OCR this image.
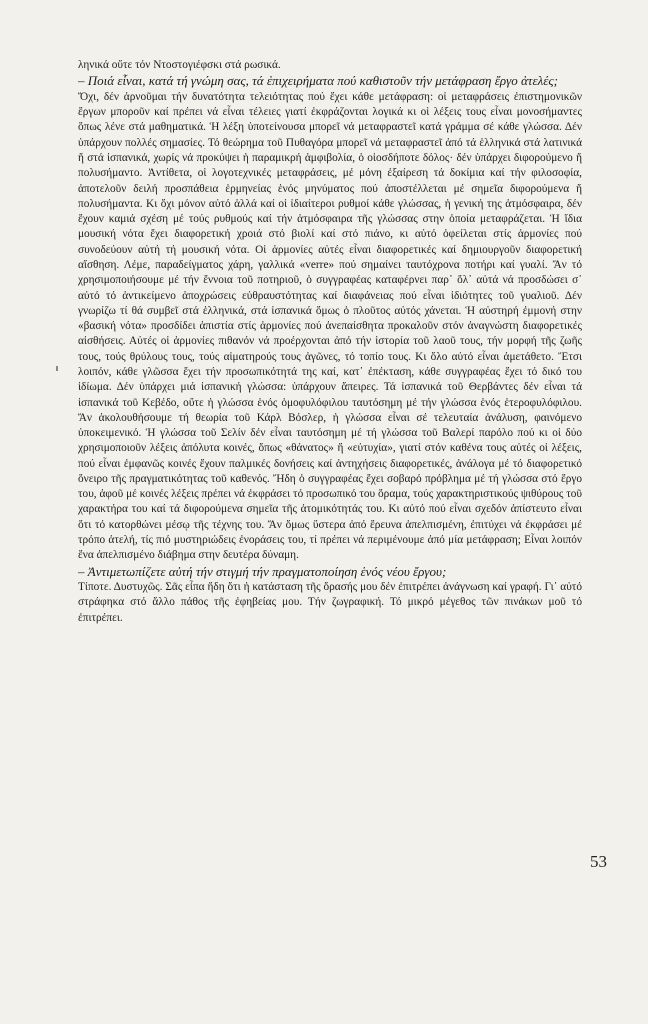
ληνικά οὔτε τόν Ντοστογιέφσκι στά ρωσικά.

– Ποιά εἶναι, κατά τή γνώμη σας, τά ἐπιχειρήματα πού καθιστοῦν τήν μετάφραση ἔργο ἀτελές;

Ὄχι, δέν ἀρνοῦμαι τήν δυνατότητα τελειότητας πού ἔχει κάθε μετάφραση: οἱ μεταφράσεις ἐπιστημονικῶν ἔργων μποροῦν καί πρέπει νά εἶναι τέλειες γιατί ἐκφράζονται λογικά κι οἱ λέξεις τους εἶναι μονοσήμαντες ὅπως λένε στά μαθηματικά. Ἡ λέξη ὑποτείνουσα μπορεῖ νά μεταφραστεῖ κατά γράμμα σέ κάθε γλώσσα. Δέν ὑπάρχουν πολλές σημασίες. Τό θεώρημα τοῦ Πυθαγόρα μπορεῖ νά μεταφραστεῖ ἀπό τά ἑλληνικά στά λατινικά ἤ στά ἰσπανικά, χωρίς νά προκύψει ἡ παραμικρή ἀμφιβολία, ὁ οἱοσδήποτε δόλος· δέν ὑπάρχει διφορούμενο ἤ πολυσήμαντο. Ἀντίθετα, οἱ λογοτεχνικές μεταφράσεις, μέ μόνη ἐξαίρεση τά δοκίμια καί τήν φιλοσοφία, ἀποτελοῦν δειλή προσπάθεια ἑρμηνείας ἑνός μηνύματος πού ἀποστέλλεται μέ σημεῖα διφορούμενα ἤ πολυσήμαντα. Κι ὄχι μόνον αὐτό ἀλλά καί οἱ ἰδιαίτεροι ρυθμοί κάθε γλώσσας, ἡ γενική της ἀτμόσφαιρα, δέν ἔχουν καμιά σχέση μέ τούς ρυθμούς καί τήν ἀτμόσφαιρα τῆς γλώσσας στην ὁποία μεταφράζεται. Ἡ ἴδια μουσική νότα ἔχει διαφορετική χροιά στό βιολί καί στό πιάνο, κι αὐτό ὀφείλεται στίς ἁρμονίες πού συνοδεύουν αὐτή τή μουσική νότα. Οἱ ἁρμονίες αὐτές εἶναι διαφορετικές καί δημιουργοῦν διαφορετική αἴσθηση. Λέμε, παραδείγματος χάρη, γαλλικά «verre» πού σημαίνει ταυτόχρονα ποτήρι καί γυαλί. Ἄν τό χρησιμοποιήσουμε μέ τήν ἔννοια τοῦ ποτηριοῦ, ὁ συγγραφέας καταφέρνει παρ᾿ ὅλ᾿ αὐτά νά προσδώσει σ᾿ αὐτό τό ἀντικείμενο ἀποχρώσεις εὐθραυστότητας καί διαφάνειας πού εἶναι ἰδιότητες τοῦ γυαλιοῦ. Δέν γνωρίζω τί θά συμβεῖ στά ἑλληνικά, στά ἰσπανικά ὅμως ὁ πλοῦτος αὐτός χάνεται. Ἡ αὐστηρή ἐμμονή στην «βασική νότα» προσδίδει ἀπιστία στίς ἁρμονίες πού ἀνεπαίσθητα προκαλοῦν στόν ἀναγνώστη διαφορετικές αἰσθήσεις. Αὐτές οἱ ἁρμονίες πιθανόν νά προέρχονται ἀπό τήν ἱστορία τοῦ λαοῦ τους, τήν μορφή τῆς ζωῆς τους, τούς θρύλους τους, τούς αἱματηρούς τους ἀγῶνες, τό τοπίο τους. Κι ὅλο αὐτό εἶναι ἀμετάθετο. Ἔτσι λοιπόν, κάθε γλῶσσα ἔχει τήν προσωπικότητά της καί, κατ᾿ ἐπέκταση, κάθε συγγραφέας ἔχει τό δικό του ἰδίωμα. Δέν ὑπάρχει μιά ἰσπανική γλώσσα: ὑπάρχουν ἄπειρες. Τά ἰσπανικά τοῦ Θερβάντες δέν εἶναι τά ἰσπανικά τοῦ Κεβέδο, οὔτε ἡ γλώσσα ἑνός ὁμοφυλόφιλου ταυτόσημη μέ τήν γλώσσα ἑνός ἑτεροφυλόφιλου. Ἄν ἀκολουθήσουμε τή θεωρία τοῦ Κάρλ Βόσλερ, ἡ γλώσσα εἶναι σέ τελευταία ἀνάλυση, φαινόμενο ὑποκειμενικό. Ἡ γλώσσα τοῦ Σελίν δέν εἶναι ταυτόσημη μέ τή γλώσσα τοῦ Βαλερί παρόλο πού κι οἱ δύο χρησιμοποιοῦν λέξεις ἀπόλυτα κοινές, ὅπως «θάνατος» ἤ «εὐτυχία», γιατί στόν καθένα τους αὐτές οἱ λέξεις, πού εἶναι ἐμφανῶς κοινές ἔχουν παλμικές δονήσεις καί ἀντηχήσεις διαφορετικές, ἀνάλογα μέ τό διαφορετικό ὄνειρο τῆς πραγματικότητας τοῦ καθενός. Ἤδη ὁ συγγραφέας ἔχει σοβαρό πρόβλημα μέ τή γλώσσα στό ἔργο του, ἀφοῦ μέ κοινές λέξεις πρέπει νά ἐκφράσει τό προσωπικό του ὅραμα, τούς χαρακτηριστικούς ψιθύρους τοῦ χαρακτήρα του καί τά διφορούμενα σημεῖα τῆς ἀτομικότητάς του. Κι αὐτό πού εἶναι σχεδόν ἀπίστευτο εἶναι ὅτι τό κατορθώνει μέσῳ τῆς τέχνης του. Ἄν ὅμως ὕστερα ἀπό ἔρευνα ἀπελπισμένη, ἐπιτύχει νά ἐκφράσει μέ τρόπο ἀτελή, τίς πιό μυστηριώδεις ἐνοράσεις του, τί πρέπει νά περιμένουμε ἀπό μία μετάφραση; Εἶναι λοιπόν ἕνα ἀπελπισμένο διάβημα στην δευτέρα δύναμη.

– Ἀντιμετωπίζετε αὐτή τήν στιγμή τήν πραγματοποίηση ἑνός νέου ἔργου;

Τίποτε. Δυστυχῶς. Σᾶς εἶπα ἤδη ὅτι ἡ κατάσταση τῆς ὅρασής μου δέν ἐπιτρέπει ἀνάγνωση καί γραφή. Γι᾿ αὐτό στράφηκα στό ἄλλο πάθος τῆς ἐφηβείας μου. Τήν ζωγραφική. Τό μικρό μέγεθος τῶν πινάκων μοῦ τό ἐπιτρέπει.

53
